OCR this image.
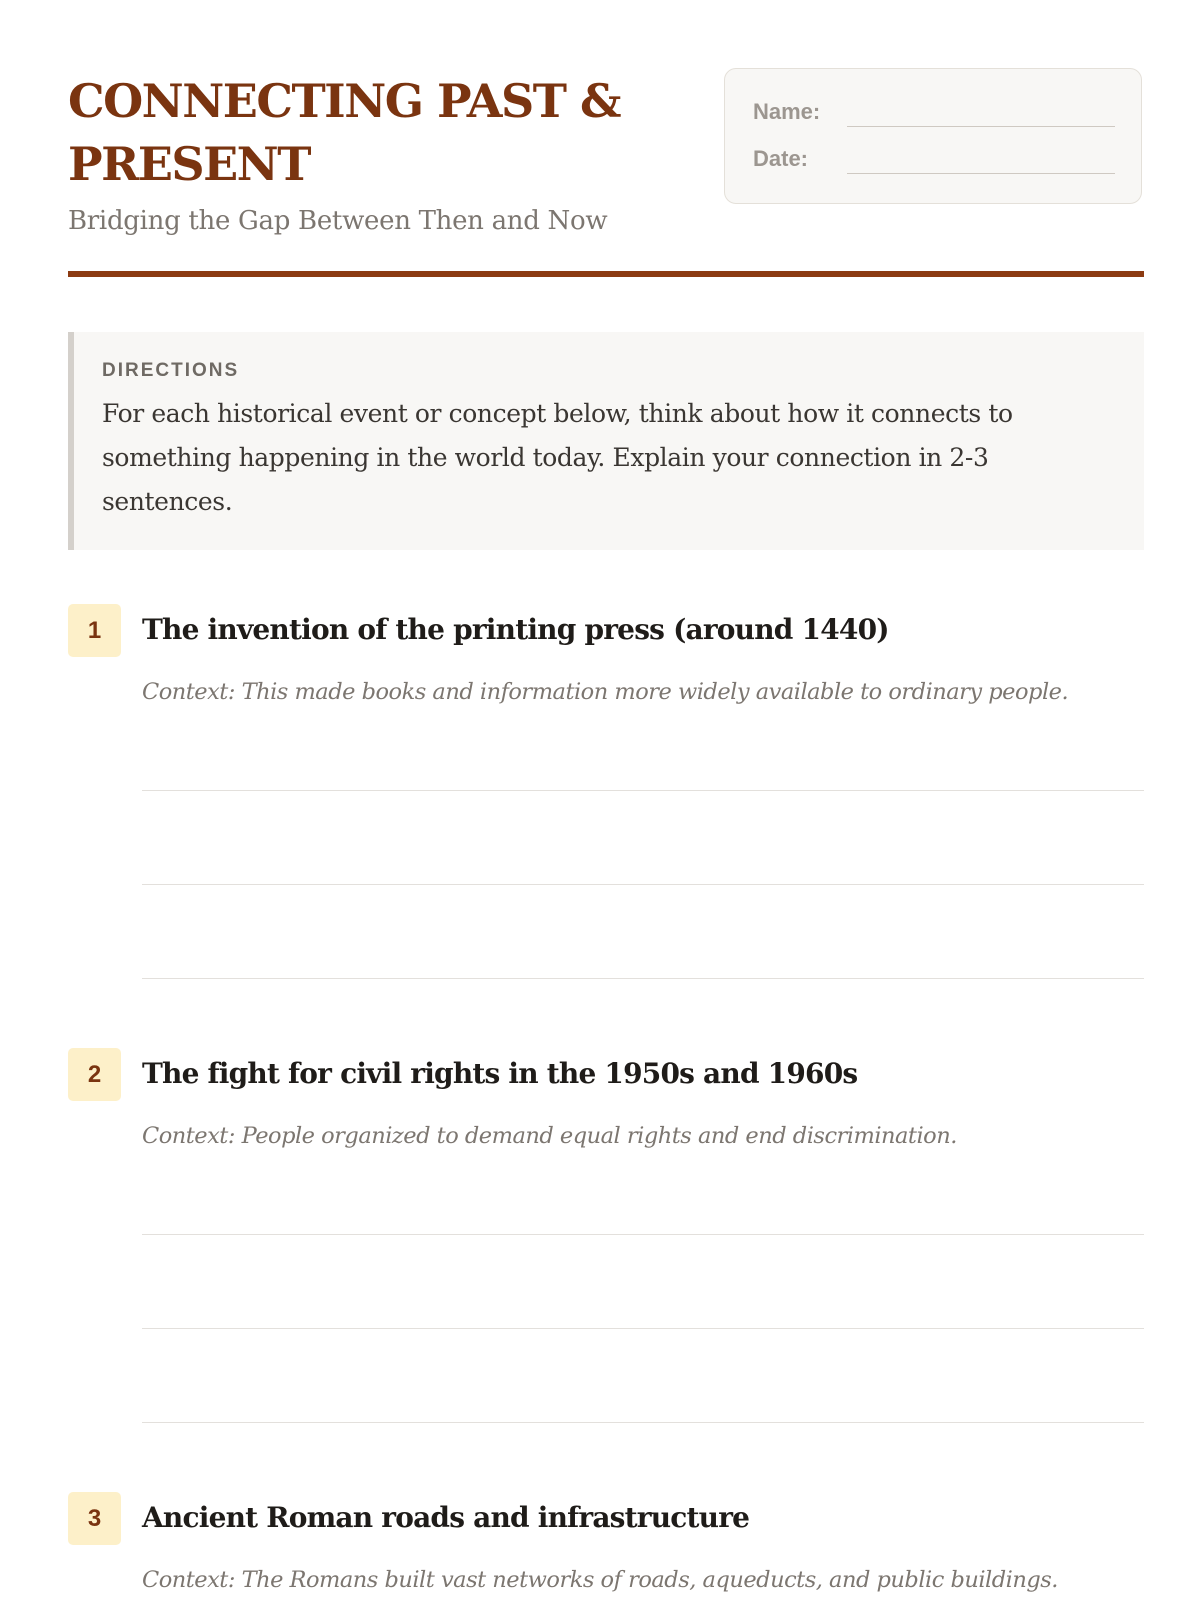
CONNECTING PAST & PRESENT

Bridging the Gap Between Then and Now

Name:
Date:

DIRECTIONS

For each historical event or concept below, think about how it connects to something happening in the world today. Explain your connection in 2-3 sentences.

1	The invention of the printing press (around 1440)

Context: This made books and information more widely available to ordinary people.

2	The fight for civil rights in the 1950s and 1960s

Context: People organized to demand equal rights and end discrimination.

3	Ancient Roman roads and infrastructure

Context: The Romans built vast networks of roads, aqueducts, and public buildings.
